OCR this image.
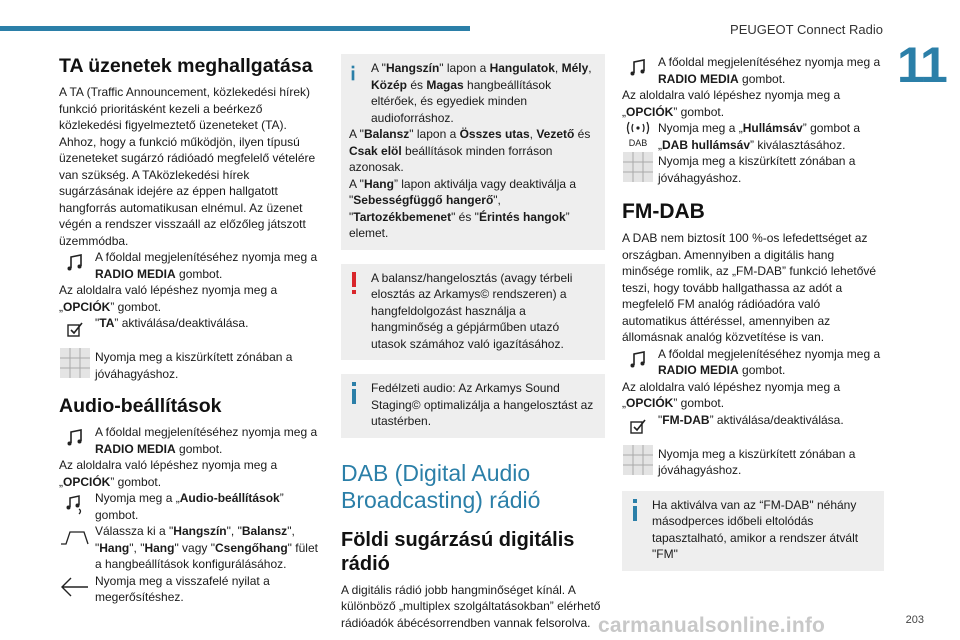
PEUGEOT Connect Radio
11
203
carmanualsonline.info
TA üzenetek meghallgatása

A TA (Traffic Announcement, közlekedési hírek) funkció prioritásként kezeli a beérkező közlekedési figyelmeztető üzeneteket (TA). Ahhoz, hogy a funkció működjön, ilyen típusú üzeneteket sugárzó rádióadó megfelelő vételére van szükség. A TAközlekedési hírek sugárzásának idejére az éppen hallgatott hangforrás automatikusan elnémul. Az üzenet végén a rendszer visszaáll az előzőleg játszott üzemmódba.

A főoldal megjelenítéséhez nyomja meg a
RADIO MEDIA gombot.

Az aloldalra való lépéshez nyomja meg a „OPCIÓK” gombot.

"TA” aktiválása/deaktiválása.
Nyomja meg a kiszürkített zónában a jóváhagyáshoz.
Audio-beállítások
A főoldal megjelenítéséhez nyomja meg a
RADIO MEDIA gombot.

Az aloldalra való lépéshez nyomja meg a „OPCIÓK” gombot.

Nyomja meg a „Audio-beállítások” gombot.
Válassza ki a "Hangszín", "Balansz", "Hang", "Hang" vagy "Csengőhang" fület a hangbeállítások konfigurálásához.
Nyomja meg a visszafelé nyilat a megerősítéshez.

A "Hangszín" lapon a Hangulatok, Mély, Közép és Magas hangbeállítások eltérőek, és egyediek minden audioforráshoz.

A "Balansz" lapon a Összes utas, Vezető és Csak elöl beállítások minden forráson azonosak.

A "Hang” lapon aktiválja vagy deaktiválja a "Sebességfüggő hangerő", "Tartozékbemenet" és "Érintés hangok” elemet.

A balansz/hangelosztás (avagy térbeli elosztás az Arkamys© rendszeren) a hangfeldolgozást használja a hangminőség a gépjárműben utazó utasok számához való igazításához.

Fedélzeti audio: Az Arkamys Sound Staging© optimalizálja a hangelosztást az utastérben.

DAB (Digital Audio Broadcasting) rádió
Földi sugárzású digitális rádió

A digitális rádió jobb hangminőséget kínál. A különböző „multiplex szolgáltatásokban” elérhető rádióadók ábécésorrendben vannak felsorolva.

A főoldal megjelenítéséhez nyomja meg a
RADIO MEDIA gombot.

Az aloldalra való lépéshez nyomja meg a „OPCIÓK” gombot.

DAB
Nyomja meg a „Hullámsáv” gombot a „DAB hullámsáv” kiválasztásához.
Nyomja meg a kiszürkített zónában a jóváhagyáshoz.
FM-DAB

A DAB nem biztosít 100 %-os lefedettséget az országban. Amennyiben a digitális hang minősége romlik, az „FM-DAB” funkció lehetővé teszi, hogy tovább hallgathassa az adót a megfelelő FM analóg rádióadóra való automatikus áttéréssel, amennyiben az állomásnak analóg közvetítése is van.

A főoldal megjelenítéséhez nyomja meg a
RADIO MEDIA gombot.

Az aloldalra való lépéshez nyomja meg a „OPCIÓK” gombot.

"FM-DAB” aktiválása/deaktiválása.
Nyomja meg a kiszürkített zónában a jóváhagyáshoz.

Ha aktiválva van az “FM-DAB" néhány másodperces időbeli eltolódás tapasztalható, amikor a rendszer átvált "FM"
